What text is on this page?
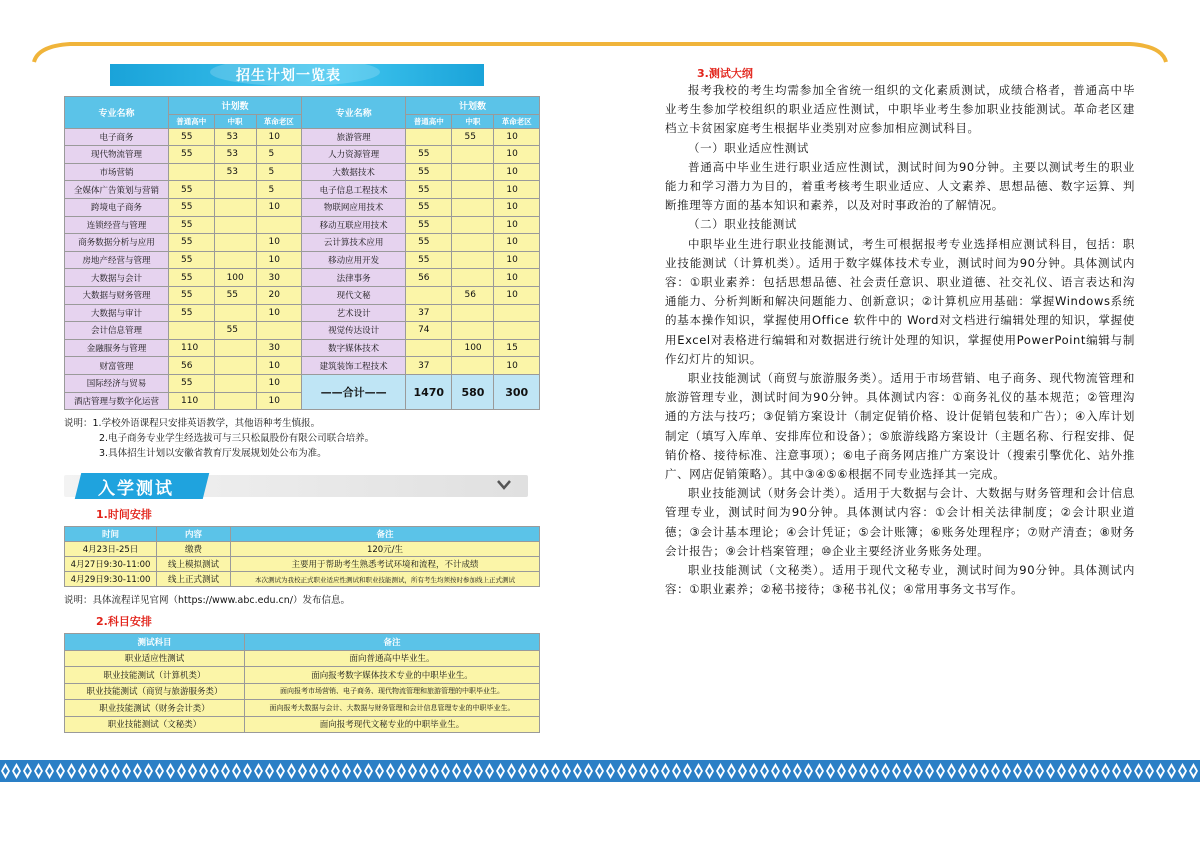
招生计划一览表
专业名称	计划数			专业名称	计划数		
	普通高中	中职	革命老区		普通高中	中职	革命老区
电子商务	55	53	10	旅游管理		55	10
现代物流管理	55	53	5	人力资源管理	55		10
市场营销		53	5	大数据技术	55		10
全媒体广告策划与营销	55		5	电子信息工程技术	55		10
跨境电子商务	55		10	物联网应用技术	55		10
连锁经营与管理	55			移动互联应用技术	55		10
商务数据分析与应用	55		10	云计算技术应用	55		10
房地产经营与管理	55		10	移动应用开发	55		10
大数据与会计	55	100	30	法律事务	56		10
大数据与财务管理	55	55	20	现代文秘		56	10
大数据与审计	55		10	艺术设计	37		
会计信息管理		55		视觉传达设计	74		
金融服务与管理	110		30	数字媒体技术		100	15
财富管理	56		10	建筑装饰工程技术	37		10
国际经济与贸易	55		10	——合计——	1470	580	300
酒店管理与数字化运营	110		10				
说明：1.学校外语课程只安排英语教学，其他语种考生慎报。
2.电子商务专业学生经选拔可与三只松鼠股份有限公司联合培养。
3.具体招生计划以安徽省教育厅发展规划处公布为准。
入学测试
1.时间安排
时间	内容	备注
4月23日-25日	缴费	120元/生
4月27日9:30-11:00	线上模拟测试	主要用于帮助考生熟悉考试环境和流程，不计成绩
4月29日9:30-11:00	线上正式测试	本次测试为我校正式职业适应性测试和职业技能测试，所有考生均须按时参加线上正式测试
说明：具体流程详见官网（https://www.abc.edu.cn/）发布信息。
2.科目安排
测试科目	备注
职业适应性测试	面向普通高中毕业生。
职业技能测试（计算机类）	面向报考数字媒体技术专业的中职毕业生。
职业技能测试（商贸与旅游服务类）	面向报考市场营销、电子商务、现代物流管理和旅游管理的中职毕业生。
职业技能测试（财务会计类）	面向报考大数据与会计、大数据与财务管理和会计信息管理专业的中职毕业生。
职业技能测试（文秘类）	面向报考现代文秘专业的中职毕业生。
3.测试大纲

报考我校的考生均需参加全省统一组织的文化素质测试，成绩合格者，普通高中毕业考生参加学校组织的职业适应性测试，中职毕业考生参加职业技能测试。革命老区建档立卡贫困家庭考生根据毕业类别对应参加相应测试科目。

（一）职业适应性测试

普通高中毕业生进行职业适应性测试，测试时间为90分钟。主要以测试考生的职业能力和学习潜力为目的，着重考核考生职业适应、人文素养、思想品德、数字运算、判断推理等方面的基本知识和素养，以及对时事政治的了解情况。

（二）职业技能测试

中职毕业生进行职业技能测试，考生可根据报考专业选择相应测试科目，包括：职业技能测试（计算机类）。适用于数字媒体技术专业，测试时间为90分钟。具体测试内容：①职业素养：包括思想品德、社会责任意识、职业道德、社交礼仪、语言表达和沟通能力、分析判断和解决问题能力、创新意识；②计算机应用基础：掌握Windows系统的基本操作知识，掌握使用Office 软件中的 Word对文档进行编辑处理的知识，掌握使用Excel对表格进行编辑和对数据进行统计处理的知识，掌握使用PowerPoint编辑与制作幻灯片的知识。

职业技能测试（商贸与旅游服务类）。适用于市场营销、电子商务、现代物流管理和旅游管理专业，测试时间为90分钟。具体测试内容：①商务礼仪的基本规范；②管理沟通的方法与技巧；③促销方案设计（制定促销价格、设计促销包装和广告）；④入库计划制定（填写入库单、安排库位和设备）；⑤旅游线路方案设计（主题名称、行程安排、促销价格、接待标准、注意事项）；⑥电子商务网店推广方案设计（搜索引擎优化、站外推广、网店促销策略）。其中③④⑤⑥根据不同专业选择其一完成。

职业技能测试（财务会计类）。适用于大数据与会计、大数据与财务管理和会计信息管理专业，测试时间为90分钟。具体测试内容：①会计相关法律制度；②会计职业道德；③会计基本理论；④会计凭证；⑤会计账簿；⑥账务处理程序；⑦财产清查；⑧财务会计报告；⑨会计档案管理；⑩企业主要经济业务账务处理。

职业技能测试（文秘类）。适用于现代文秘专业，测试时间为90分钟。具体测试内容：①职业素养；②秘书接待；③秘书礼仪；④常用事务文书写作。
